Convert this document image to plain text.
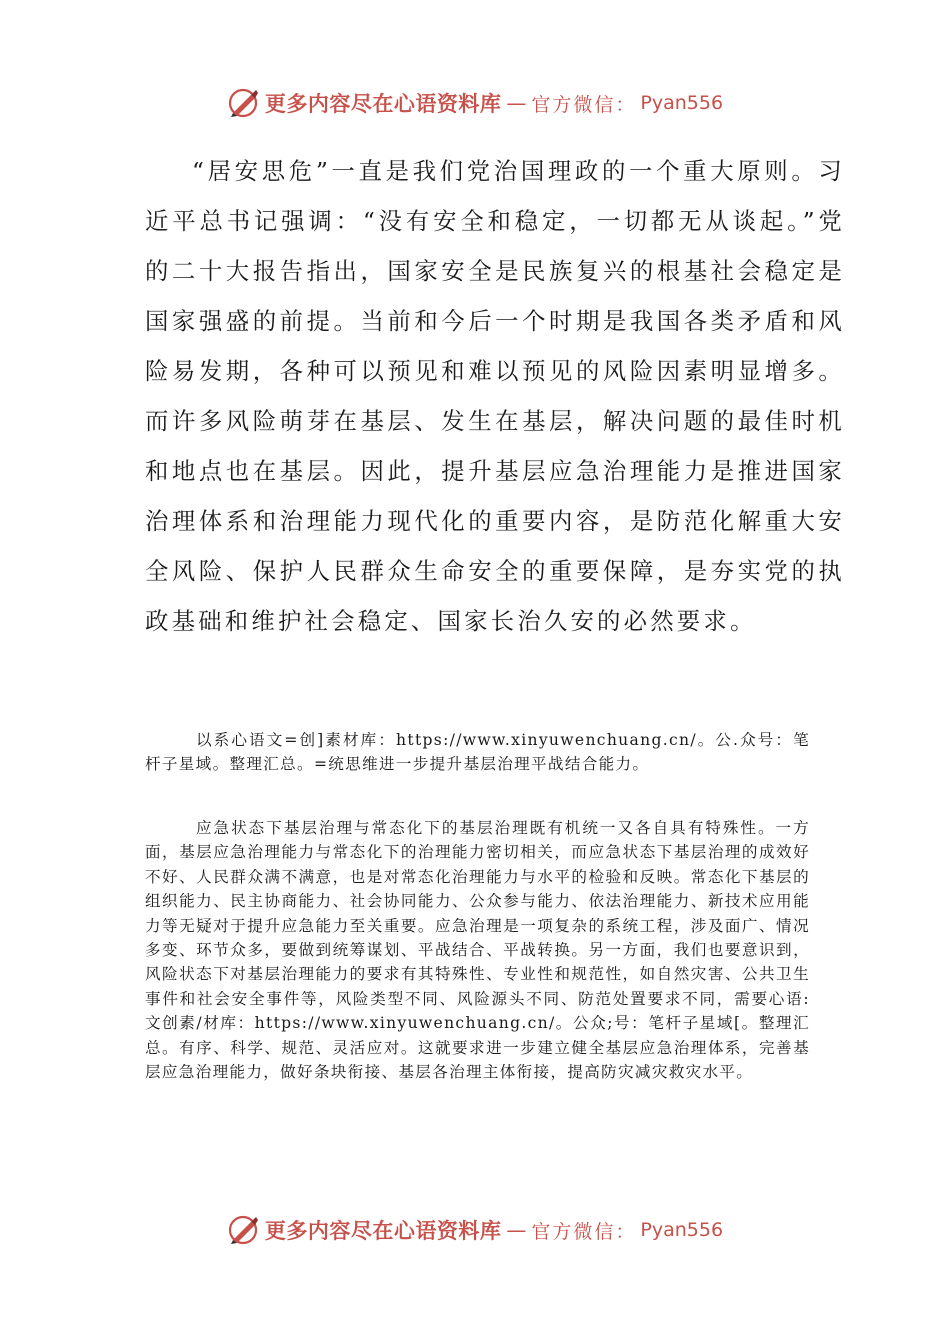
更多内容尽在心语资料库 — 官方微信： Pyan556

“居安思危”一直是我们党治国理政的一个重大原则。习近平总书记强调：“没有安全和稳定，一切都无从谈起。”党的二十大报告指出，国家安全是民族复兴的根基社会稳定是国家强盛的前提。当前和今后一个时期是我国各类矛盾和风险易发期，各种可以预见和难以预见的风险因素明显增多。而许多风险萌芽在基层、发生在基层，解决问题的最佳时机和地点也在基层。因此，提升基层应急治理能力是推进国家治理体系和治理能力现代化的重要内容，是防范化解重大安全风险、保护人民群众生命安全的重要保障，是夯实党的执政基础和维护社会稳定、国家长治久安的必然要求。

以系心语文=创]素材库：https://www.xinyuwenchuang.cn/。公.众号：笔杆子星域。整理汇总。=统思维进一步提升基层治理平战结合能力。

应急状态下基层治理与常态化下的基层治理既有机统一又各自具有特殊性。一方面，基层应急治理能力与常态化下的治理能力密切相关，而应急状态下基层治理的成效好不好、人民群众满不满意，也是对常态化治理能力与水平的检验和反映。常态化下基层的组织能力、民主协商能力、社会协同能力、公众参与能力、依法治理能力、新技术应用能力等无疑对于提升应急能力至关重要。应急治理是一项复杂的系统工程，涉及面广、情况多变、环节众多，要做到统筹谋划、平战结合、平战转换。另一方面，我们也要意识到，风险状态下对基层治理能力的要求有其特殊性、专业性和规范性，如自然灾害、公共卫生事件和社会安全事件等，风险类型不同、风险源头不同、防范处置要求不同，需要心语:文创素/材库：https://www.xinyuwenchuang.cn/。公众;号：笔杆子星域[。整理汇总。有序、科学、规范、灵活应对。这就要求进一步建立健全基层应急治理体系，完善基层应急治理能力，做好条块衔接、基层各治理主体衔接，提高防灾减灾救灾水平。

更多内容尽在心语资料库 — 官方微信： Pyan556
